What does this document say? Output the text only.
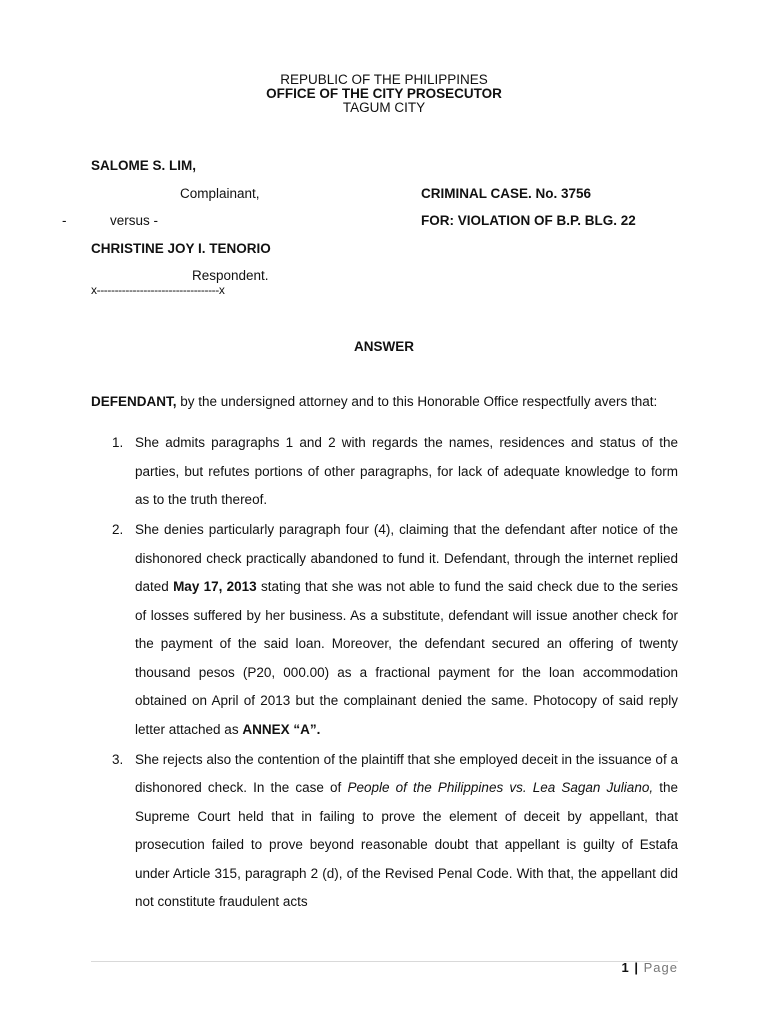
REPUBLIC OF THE PHILIPPINES
OFFICE OF THE CITY PROSECUTOR
TAGUM CITY
SALOME S. LIM,
Complainant,	CRIMINAL CASE. No. 3756
-	versus -	FOR: VIOLATION OF B.P. BLG. 22
CHRISTINE JOY I. TENORIO
Respondent.
x----------------------------------x
ANSWER
DEFENDANT, by the undersigned attorney and to this Honorable Office respectfully avers that:
1. She admits paragraphs 1 and 2 with regards the names, residences and status of the parties, but refutes portions of other paragraphs, for lack of adequate knowledge to form as to the truth thereof.
2. She denies particularly paragraph four (4), claiming that the defendant after notice of the dishonored check practically abandoned to fund it. Defendant, through the internet replied dated May 17, 2013 stating that she was not able to fund the said check due to the series of losses suffered by her business. As a substitute, defendant will issue another check for the payment of the said loan. Moreover, the defendant secured an offering of twenty thousand pesos (P20, 000.00) as a fractional payment for the loan accommodation obtained on April of 2013 but the complainant denied the same. Photocopy of said reply letter attached as ANNEX “A”.
3. She rejects also the contention of the plaintiff that she employed deceit in the issuance of a dishonored check. In the case of People of the Philippines vs. Lea Sagan Juliano, the Supreme Court held that in failing to prove the element of deceit by appellant, that prosecution failed to prove beyond reasonable doubt that appellant is guilty of Estafa under Article 315, paragraph 2 (d), of the Revised Penal Code. With that, the appellant did not constitute fraudulent acts
1 | Page
